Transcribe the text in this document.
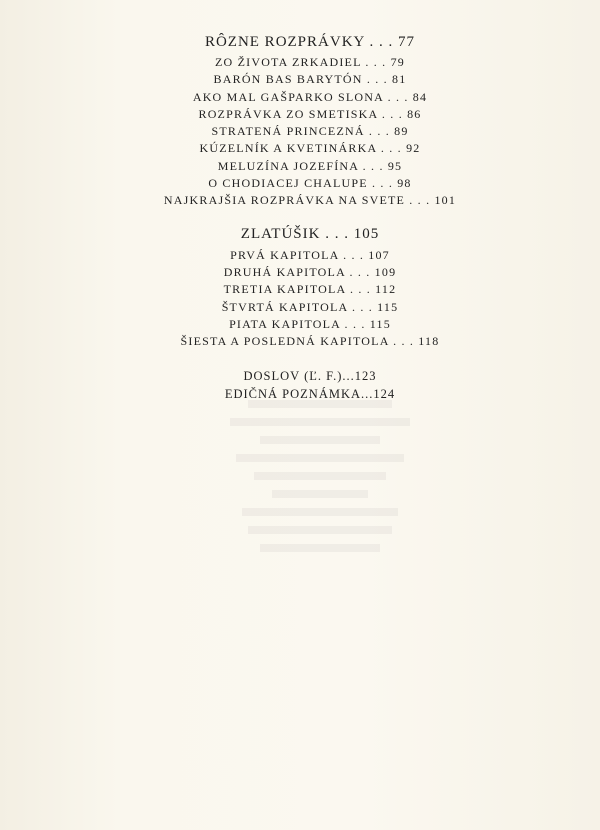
RÔZNE ROZPRÁVKY . . . 77

ZO ŽIVOTA ZRKADIEL . . . 79

BARÓN BAS BARYTÓN . . . 81

AKO MAL GAŠPARKO SLONA . . . 84

ROZPRÁVKA ZO SMETISKA . . . 86

STRATENÁ PRINCEZNÁ . . . 89

KÚZELNÍK A KVETINÁRKA . . . 92

MELUZÍNA JOZEFÍNA . . . 95

O CHODIACEJ CHALUPE . . . 98

NAJKRAJŠIA ROZPRÁVKA NA SVETE . . . 101

ZLATÚŠIK . . . 105

PRVÁ KAPITOLA . . . 107

DRUHÁ KAPITOLA . . . 109

TRETIA KAPITOLA . . . 112

ŠTVRTÁ KAPITOLA . . . 115

PIATA KAPITOLA . . . 115

ŠIESTA A POSLEDNÁ KAPITOLA . . . 118

DOSLOV (Ľ. F.)...123

EDIČNÁ POZNÁMKA...124
